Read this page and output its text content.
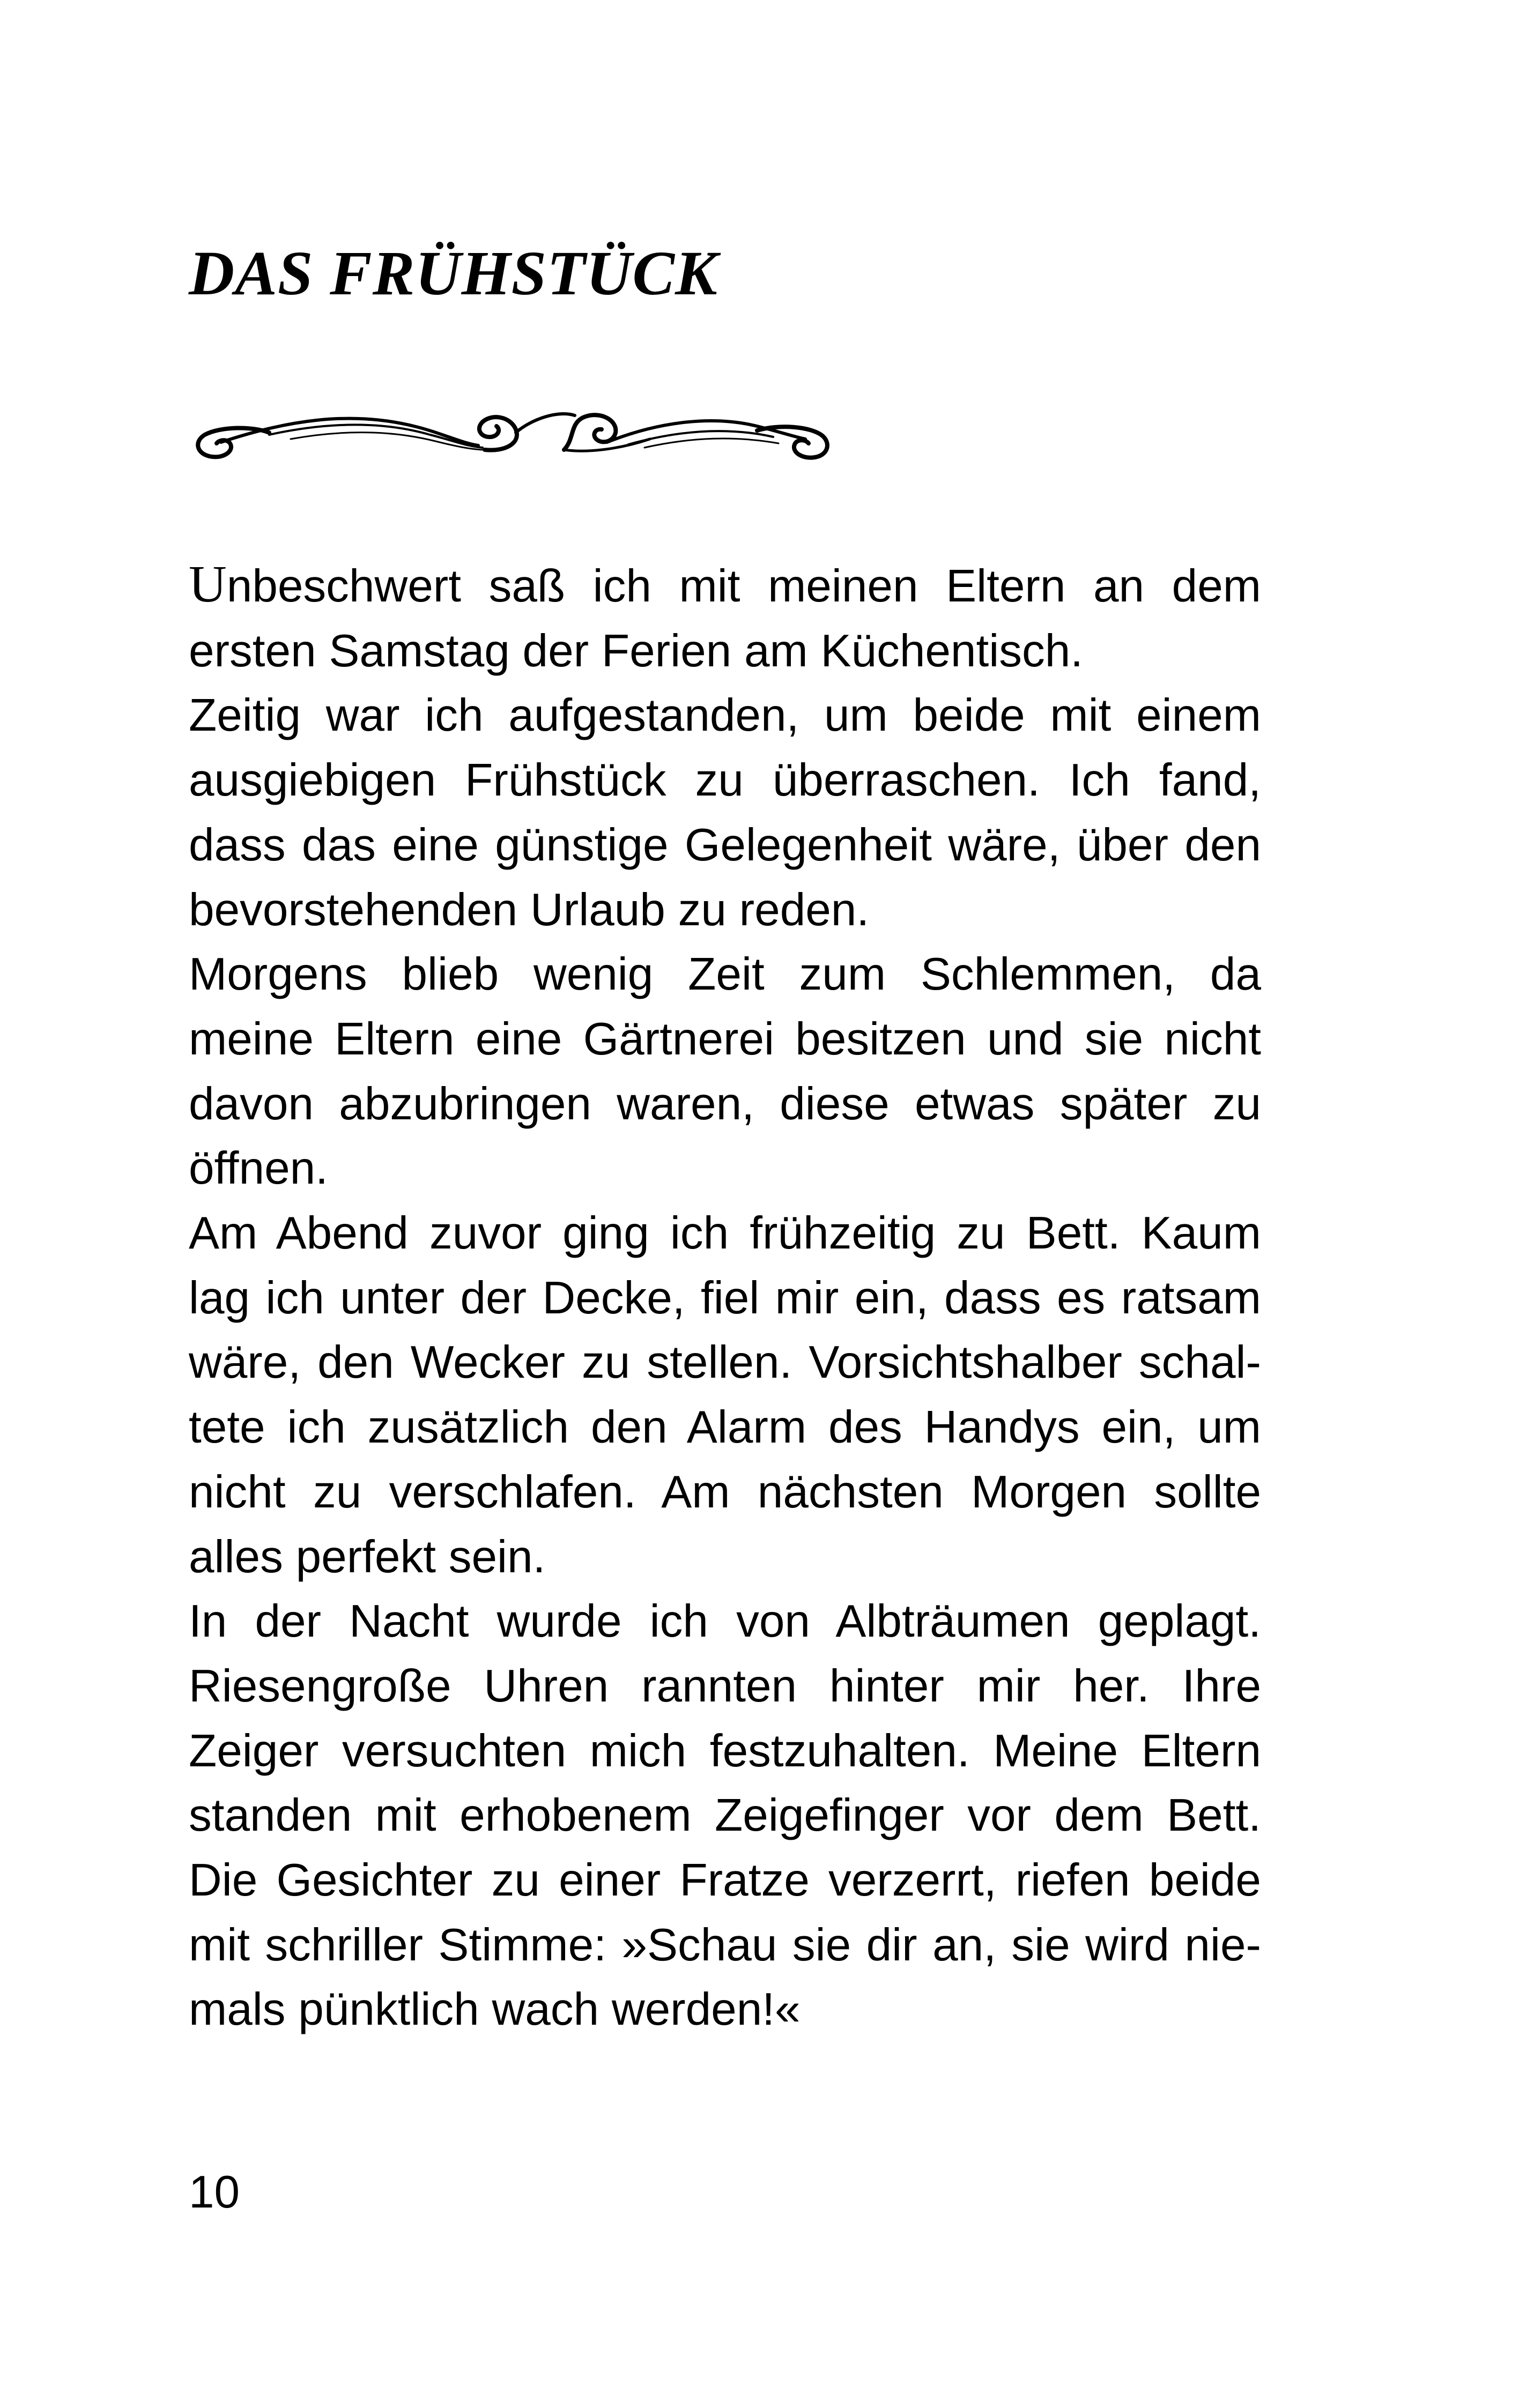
DAS FRÜHSTÜCK

Unbeschwert saß ich mit meinen Eltern an dem ersten Samstag der Ferien am Küchentisch.

Zeitig war ich aufgestanden, um beide mit einem ausgiebigen Frühstück zu überraschen. Ich fand, dass das eine günstige Gelegenheit wäre, über den bevorstehenden Urlaub zu reden.

Morgens blieb wenig Zeit zum Schlemmen, da meine Eltern eine Gärtnerei besitzen und sie nicht davon abzubringen waren, diese etwas später zu öffnen.

Am Abend zuvor ging ich frühzeitig zu Bett. Kaum lag ich unter der Decke, fiel mir ein, dass es ratsam wäre, den Wecker zu stellen. Vorsichtshalber schaltete ich zusätzlich den Alarm des Handys ein, um nicht zu verschlafen. Am nächsten Morgen sollte alles perfekt sein.

In der Nacht wurde ich von Albträumen geplagt. Riesengroße Uhren rannten hinter mir her. Ihre Zeiger versuchten mich festzuhalten. Meine Eltern standen mit erhobenem Zeigefinger vor dem Bett. Die Gesichter zu einer Fratze verzerrt, riefen beide mit schriller Stimme: »Schau sie dir an, sie wird niemals pünktlich wach werden!«

10
